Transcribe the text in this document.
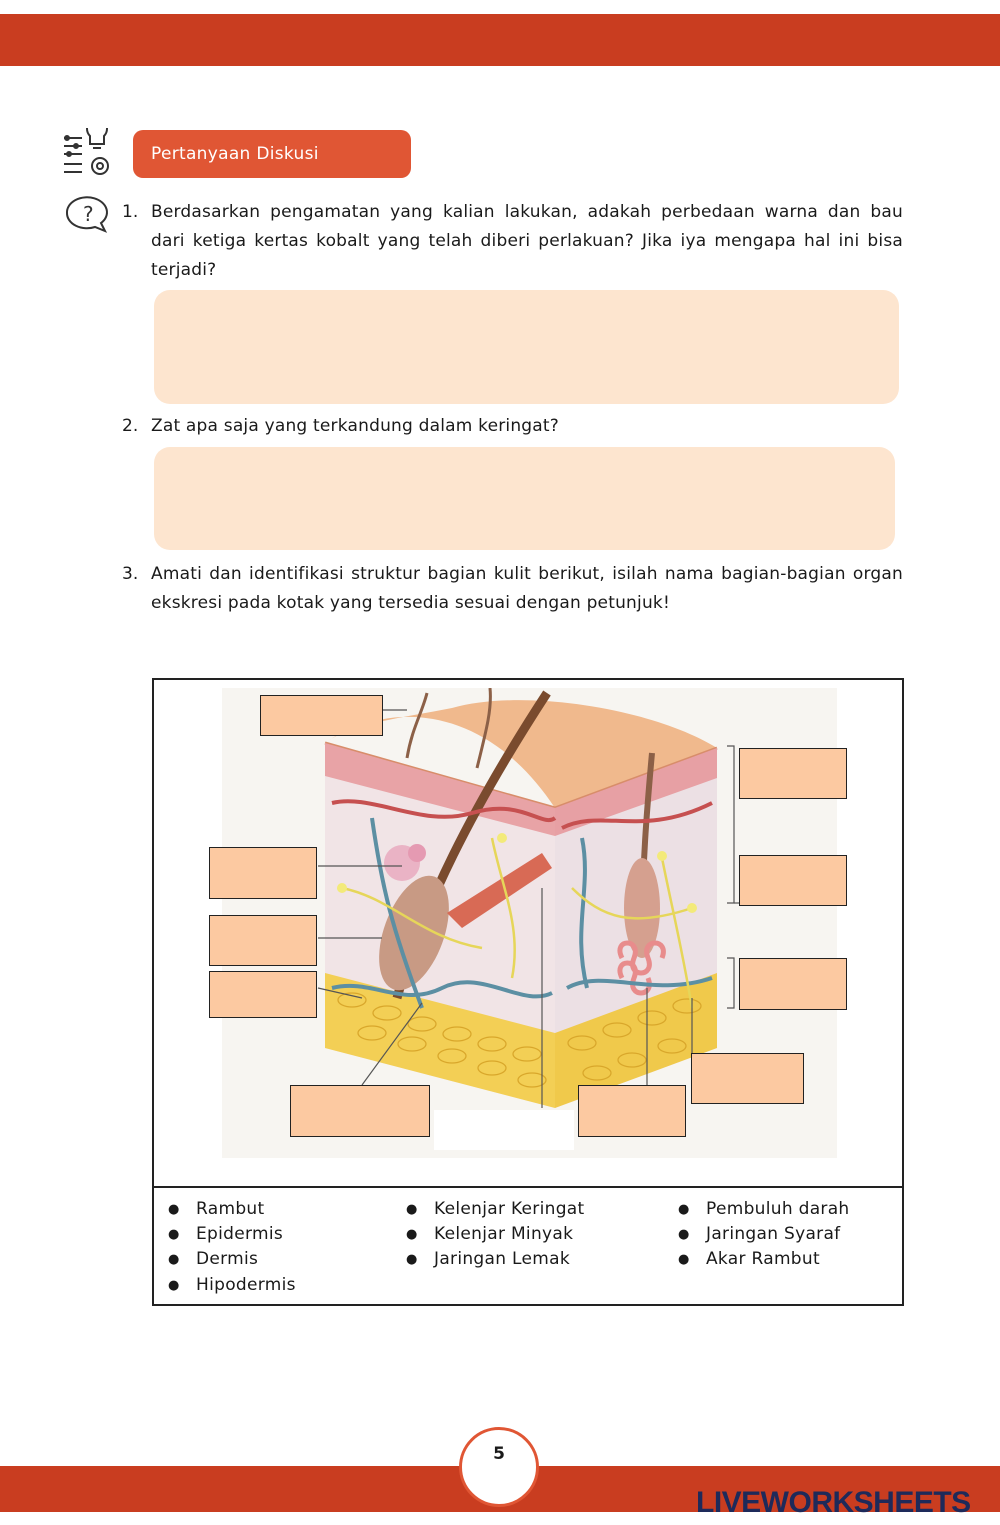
Pertanyaan Diskusi
? 1. Berdasarkan pengamatan yang kalian lakukan, adakah perbedaan warna dan bau dari ketiga kertas kobalt yang telah diberi perlakuan? Jika iya mengapa hal ini bisa terjadi?
2. Zat apa saja yang terkandung dalam keringat?
3. Amati dan identifikasi struktur bagian kulit berikut, isilah nama bagian-bagian organ ekskresi pada kotak yang tersedia sesuai dengan petunjuk!
● Rambut
● Epidermis
● Dermis
● Hipodermis
● Kelenjar Keringat
● Kelenjar Minyak
● Jaringan Lemak
● Pembuluh darah
● Jaringan Syaraf
● Akar Rambut
5
LIVEWORKSHEETS
